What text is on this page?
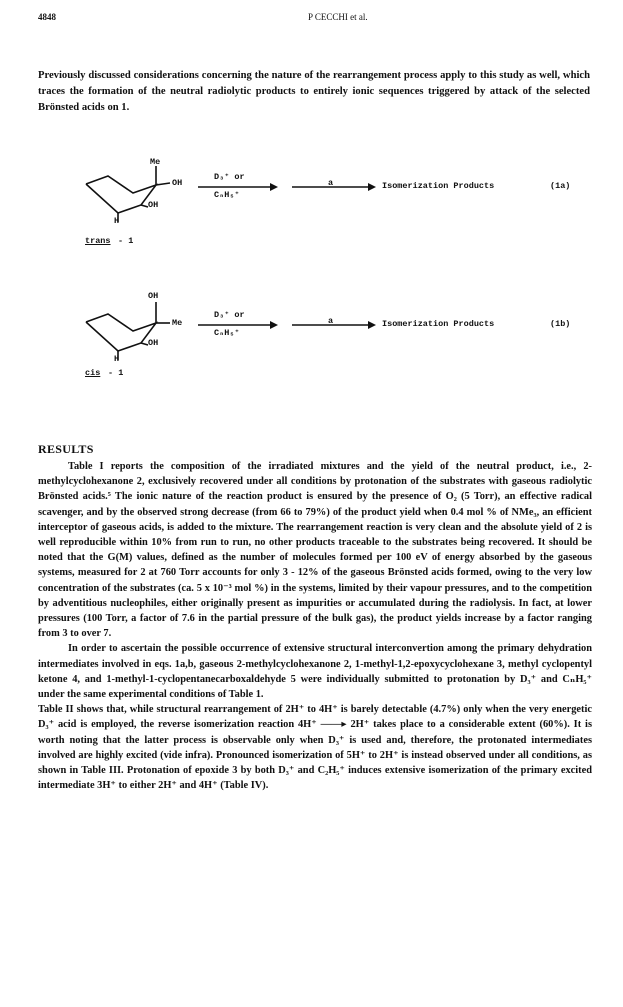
4848	P CECCHI et al.
Previously discussed considerations concerning the nature of the rearrangement process apply to this study as well, which traces the formation of the neutral radiolytic products to entirely ionic sequences triggered by attack of the selected Brönsted acids on 1.
Me
OH
OH
H
D₃⁺ or
CₙH₅⁺
a	Isomerization Products	(1a)
trans - 1
OH
Me
OH
H
D₃⁺ or
CₙH₅⁺
a	Isomerization Products	(1b)
cis - 1
RESULTS

Table I reports the composition of the irradiated mixtures and the yield of the neutral product, i.e., 2-methylcyclohexanone 2, exclusively recovered under all conditions by protonation of the substrates with gaseous radiolytic Brönsted acids.⁵ The ionic nature of the reaction product is ensured by the presence of O₂ (5 Torr), an effective radical scavenger, and by the observed strong decrease (from 66 to 79%) of the product yield when 0.4 mol % of NMe₃, an efficient interceptor of gaseous acids, is added to the mixture. The rearrangement reaction is very clean and the absolute yield of 2 is well reproducible within 10% from run to run, no other products traceable to the substrates being recovered. It should be noted that the G(M) values, defined as the number of molecules formed per 100 eV of energy absorbed by the gaseous systems, measured for 2 at 760 Torr accounts for only 3 - 12% of the gaseous Brönsted acids formed, owing to the very low concentration of the substrates (ca. 5 x 10⁻³ mol %) in the systems, limited by their vapour pressures, and to the competition by adventitious nucleophiles, either originally present as impurities or accumulated during the radiolysis. In fact, at lower pressures (100 Torr, a factor of 7.6 in the partial pressure of the bulk gas), the product yields increase by a factor ranging from 3 to over 7.

In order to ascertain the possible occurrence of extensive structural interconvertion among the primary dehydration intermediates involved in eqs. 1a,b, gaseous 2-methylcyclohexanone 2, 1-methyl-1,2-epoxycyclohexane 3, methyl cyclopentyl ketone 4, and 1-methyl-1-cyclopentanecarboxaldehyde 5 were individually submitted to protonation by D₃⁺ and CₙH₅⁺ under the same experimental conditions of Table 1.

Table II shows that, while structural rearrangement of 2H⁺ to 4H⁺ is barely detectable (4.7%) only when the very energetic D₃⁺ acid is employed, the reverse isomerization reaction 4H⁺ ——▸ 2H⁺ takes place to a considerable extent (60%). It is worth noting that the latter process is observable only when D₃⁺ is used and, therefore, the protonated intermediates involved are highly excited (vide infra). Pronounced isomerization of 5H⁺ to 2H⁺ is instead observed under all conditions, as shown in Table III. Protonation of epoxide 3 by both D₃⁺ and C₂H₅⁺ induces extensive isomerization of the primary excited intermediate 3H⁺ to either 2H⁺ and 4H⁺ (Table IV).
